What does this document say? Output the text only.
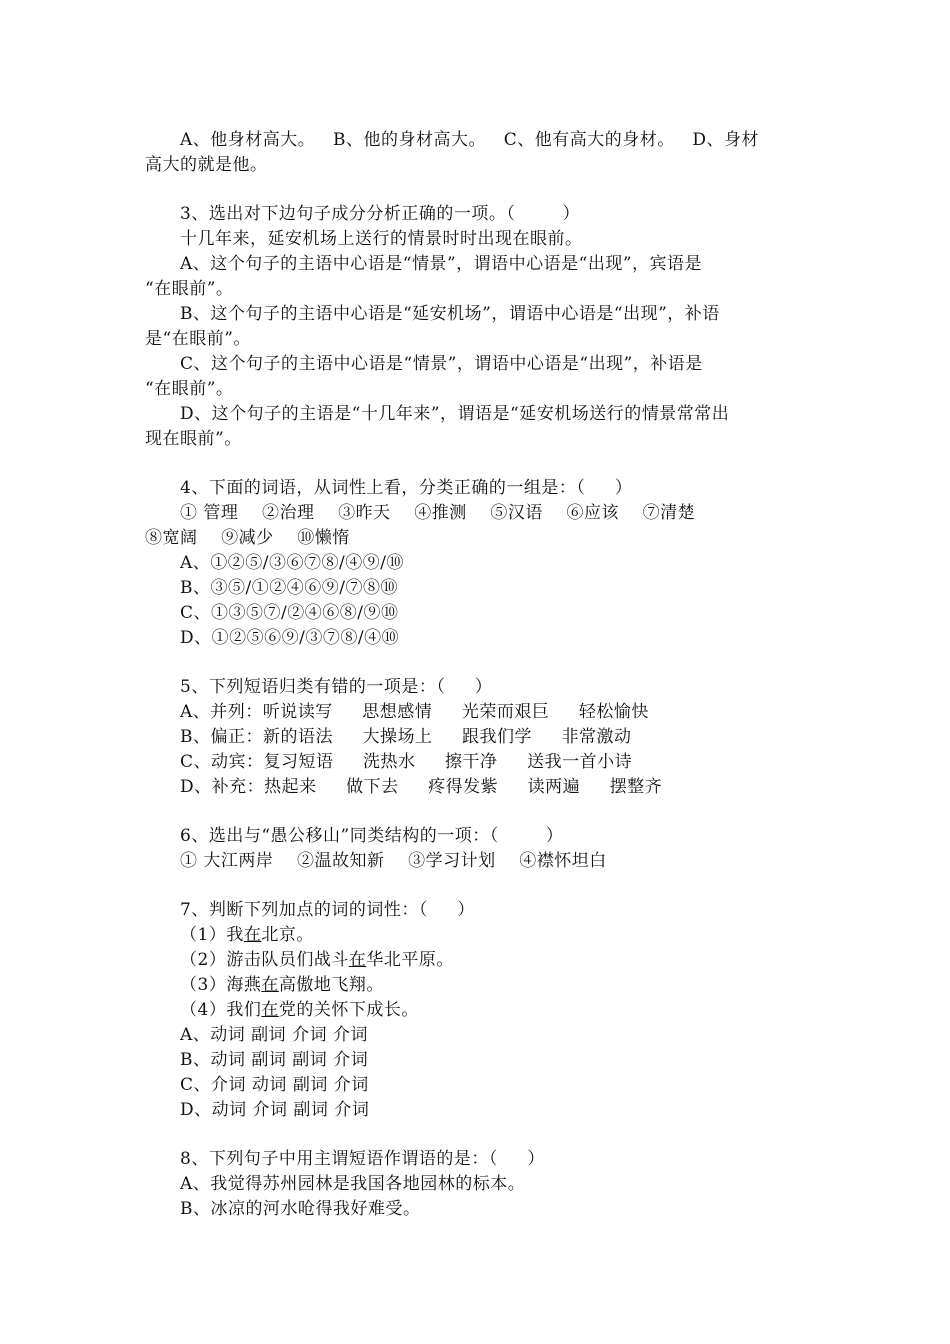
A、他身材高大。   B、他的身材高大。   C、他有高大的身材。   D、身材
高大的就是他。
3、选出对下边句子成分分析正确的一项。（        ）
十几年来，延安机场上送行的情景时时出现在眼前。
A、这个句子的主语中心语是“情景”，谓语中心语是“出现”，宾语是
“在眼前”。
B、这个句子的主语中心语是“延安机场”，谓语中心语是“出现”，补语
是“在眼前”。
C、这个句子的主语中心语是“情景”，谓语中心语是“出现”，补语是
“在眼前”。
D、这个句子的主语是“十几年来”，谓语是“延安机场送行的情景常常出
现在眼前”。
4、下面的词语，从词性上看，分类正确的一组是：（     ）
① 管理    ②治理    ③昨天    ④推测    ⑤汉语    ⑥应该    ⑦清楚
⑧宽阔    ⑨减少    ⑩懒惰
A、①②⑤/③⑥⑦⑧/④⑨/⑩
B、③⑤/①②④⑥⑨/⑦⑧⑩
C、①③⑤⑦/②④⑥⑧/⑨⑩
D、①②⑤⑥⑨/③⑦⑧/④⑩
5、下列短语归类有错的一项是：（     ）
A、并列：听说读写     思想感情     光荣而艰巨     轻松愉快
B、偏正：新的语法     大操场上     跟我们学     非常激动
C、动宾：复习短语     洗热水     擦干净     送我一首小诗
D、补充：热起来     做下去     疼得发紫     读两遍     摆整齐
6、选出与“愚公移山”同类结构的一项：（        ）
① 大江两岸    ②温故知新    ③学习计划    ④襟怀坦白
7、判断下列加点的词的词性：（     ）
（1）我在北京。
（2）游击队员们战斗在华北平原。
（3）海燕在高傲地飞翔。
（4）我们在党的关怀下成长。
A、动词 副词 介词 介词
B、动词 副词 副词 介词
C、介词 动词 副词 介词
D、动词 介词 副词 介词
8、下列句子中用主谓短语作谓语的是：（     ）
A、我觉得苏州园林是我国各地园林的标本。
B、冰凉的河水呛得我好难受。
